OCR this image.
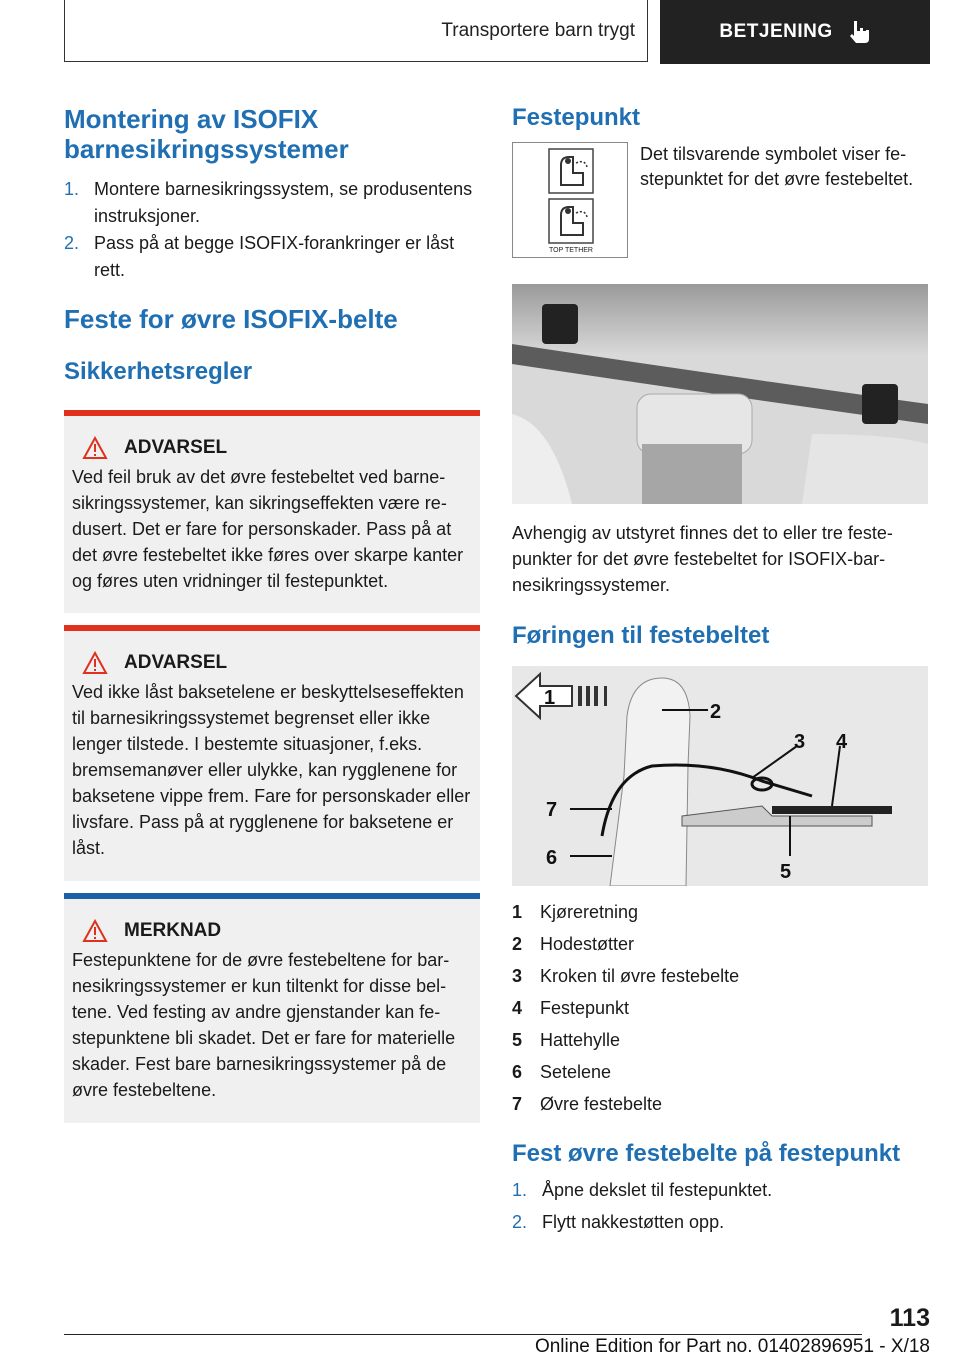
Transportere barn trygt	BETJENING
Montering av ISOFIX barnesikringssystemer
1. Montere barnesikringssystem, se produsentens instruksjoner.
2. Pass på at begge ISOFIX-forankringer er låst rett.
Feste for øvre ISOFIX-belte
Sikkerhetsregler
ADVARSEL
Ved feil bruk av det øvre festebeltet ved barnesikringssystemer, kan sikringseffekten være redusert. Det er fare for personskader. Pass på at det øvre festebeltet ikke føres over skarpe kanter og føres uten vridninger til festepunktet.
ADVARSEL
Ved ikke låst baksetelene er beskyttelseseffekten til barnesikringssystemet begrenset eller ikke lenger tilstede. I bestemte situasjoner, f.eks. bremsemanøver eller ulykke, kan rygglenene for baksetene vippe frem. Fare for personskader eller livsfare. Pass på at rygglenene for baksetene er låst.
MERKNAD
Festepunktene for de øvre festebeltene for barnesikringssystemer er kun tiltenkt for disse beltene. Ved festing av andre gjenstander kan festepunktene bli skadet. Det er fare for materielle skader. Fest bare barnesikringssystemer på de øvre festebeltene.
Festepunkt
TOP TETHER
Det tilsvarende symbolet viser festepunktet for det øvre festebeltet.
Avhengig av utstyret finnes det to eller tre festepunkter for det øvre festebeltet for ISOFIX-barnesikringssystemer.
Føringen til festebeltet
1
2
3 4
5
6
7
1 Kjøreretning
2 Hodestøtter
3 Kroken til øvre festebelte
4 Festepunkt
5 Hattehylle
6 Setelene
7 Øvre festebelte
Fest øvre festebelte på festepunkt
1. Åpne dekslet til festepunktet.
2. Flytt nakkestøtten opp.
113
Online Edition for Part no. 01402896951 - X/18
